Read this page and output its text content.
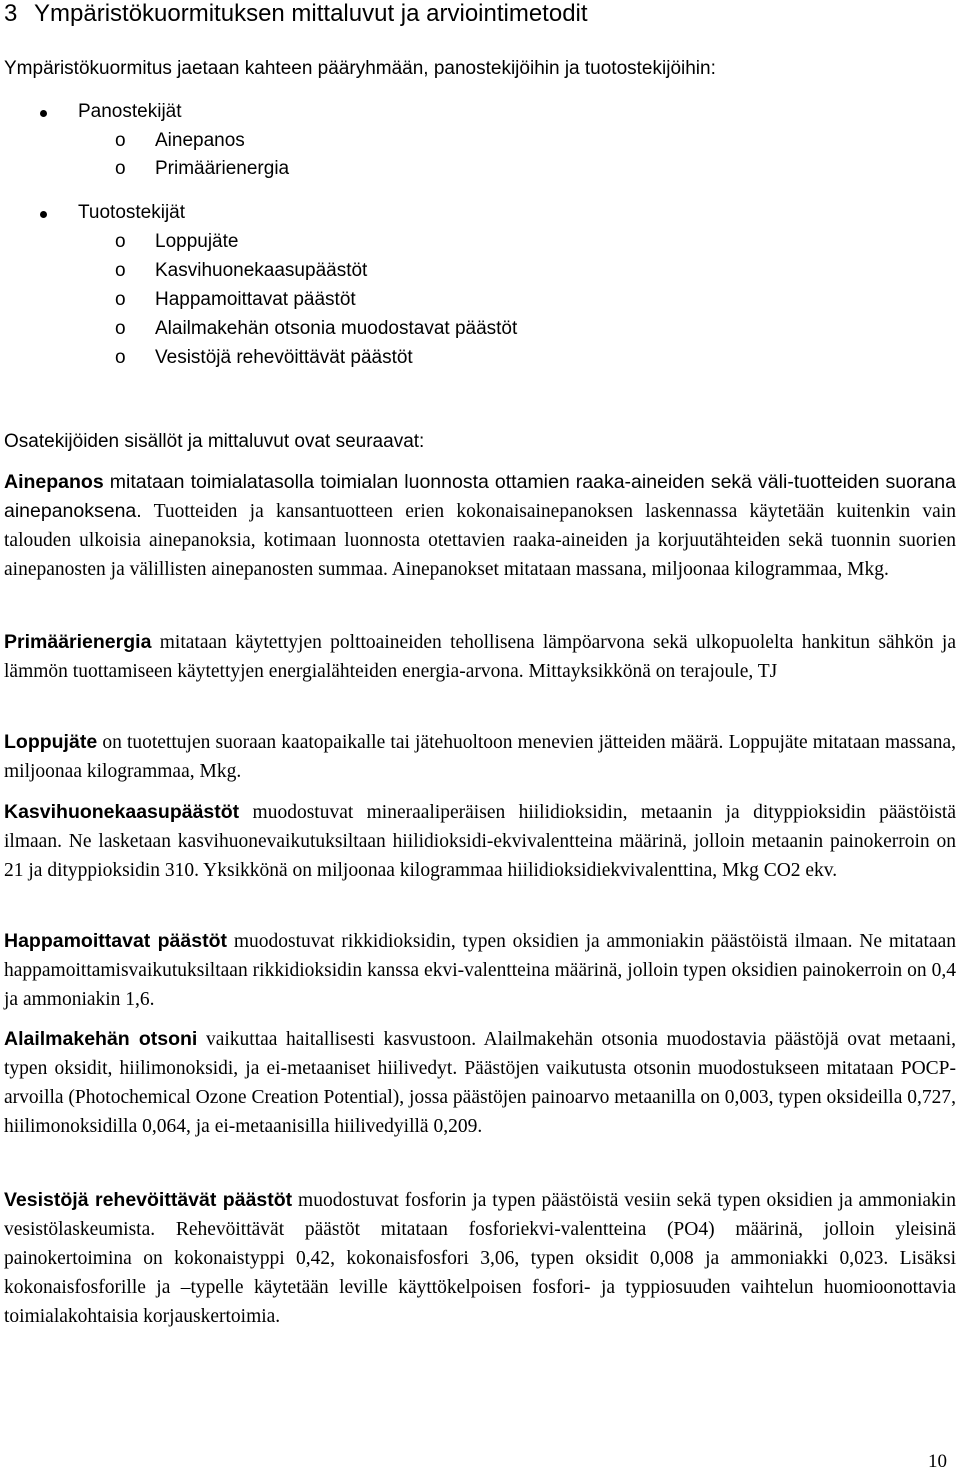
3 Ympäristökuormituksen mittaluvut ja arviointimetodit
Ympäristökuormitus jaetaan kahteen pääryhmään, panostekijöihin ja tuotostekijöihin:
Panostekijät
o Ainepanos
o Primäärienergia
Tuotostekijät
o Loppujäte
o Kasvihuonekaasupäästöt
o Happamoittavat päästöt
o Alailmakehän otsonia muodostavat päästöt
o Vesistöjä rehevöittävät päästöt
Osatekijöiden sisällöt ja mittaluvut ovat seuraavat:
Ainepanos mitataan toimialatasolla toimialan luonnosta ottamien raaka-aineiden sekä väli-tuotteiden suorana ainepanoksena. Tuotteiden ja kansantuotteen erien kokonaisainepanoksen laskennassa käytetään kuitenkin vain talouden ulkoisia ainepanoksia, kotimaan luonnosta otettavien raaka-aineiden ja korjuutähteiden sekä tuonnin suorien ainepanosten ja välillisten ainepanosten summaa. Ainepanokset mitataan massana, miljoonaa kilogrammaa, Mkg.
Primäärienergia mitataan käytettyjen polttoaineiden tehollisena lämpöarvona sekä ulkopuolelta hankitun sähkön ja lämmön tuottamiseen käytettyjen energialähteiden energia-arvona. Mittayksikkönä on terajoule, TJ
Loppujäte on tuotettujen suoraan kaatopaikalle tai jätehuoltoon menevien jätteiden määrä. Loppujäte mitataan massana, miljoonaa kilogrammaa, Mkg.
Kasvihuonekaasupäästöt muodostuvat mineraaliperäisen hiilidioksidin, metaanin ja dityppioksidin päästöistä ilmaan. Ne lasketaan kasvihuonevaikutuksiltaan hiilidioksidi-ekvivalentteina määrinä, jolloin metaanin painokerroin on 21 ja dityppioksidin 310. Yksikkönä on miljoonaa kilogrammaa hiilidioksidiekvivalenttina, Mkg CO2 ekv.
Happamoittavat päästöt muodostuvat rikkidioksidin, typen oksidien ja ammoniakin päästöistä ilmaan. Ne mitataan happamoittamisvaikutuksiltaan rikkidioksidin kanssa ekvi-valentteina määrinä, jolloin typen oksidien painokerroin on 0,4 ja ammoniakin 1,6.
Alailmakehän otsoni vaikuttaa haitallisesti kasvustoon. Alailmakehän otsonia muodostavia päästöjä ovat metaani, typen oksidit, hiilimonoksidi, ja ei-metaaniset hiilivedyt. Päästöjen vaikutusta otsonin muodostukseen mitataan POCP-arvoilla (Photochemical Ozone Creation Potential), jossa päästöjen painoarvo metaanilla on 0,003, typen oksideilla 0,727, hiilimonoksidilla 0,064, ja ei-metaanisilla hiilivedyillä 0,209.
Vesistöjä rehevöittävät päästöt muodostuvat fosforin ja typen päästöistä vesiin sekä typen oksidien ja ammoniakin vesistölaskeumista. Rehevöittävät päästöt mitataan fosforiekvi-valentteina (PO4) määrinä, jolloin yleisinä painokertoimina on kokonaistyppi 0,42, kokonaisfosfori 3,06, typen oksidit 0,008 ja ammoniakki 0,023. Lisäksi kokonaisfosforille ja –typelle käytetään leville käyttökelpoisen fosfori- ja typpiosuuden vaihtelun huomioonottavia toimialakohtaisia korjauskertoimia.
10
